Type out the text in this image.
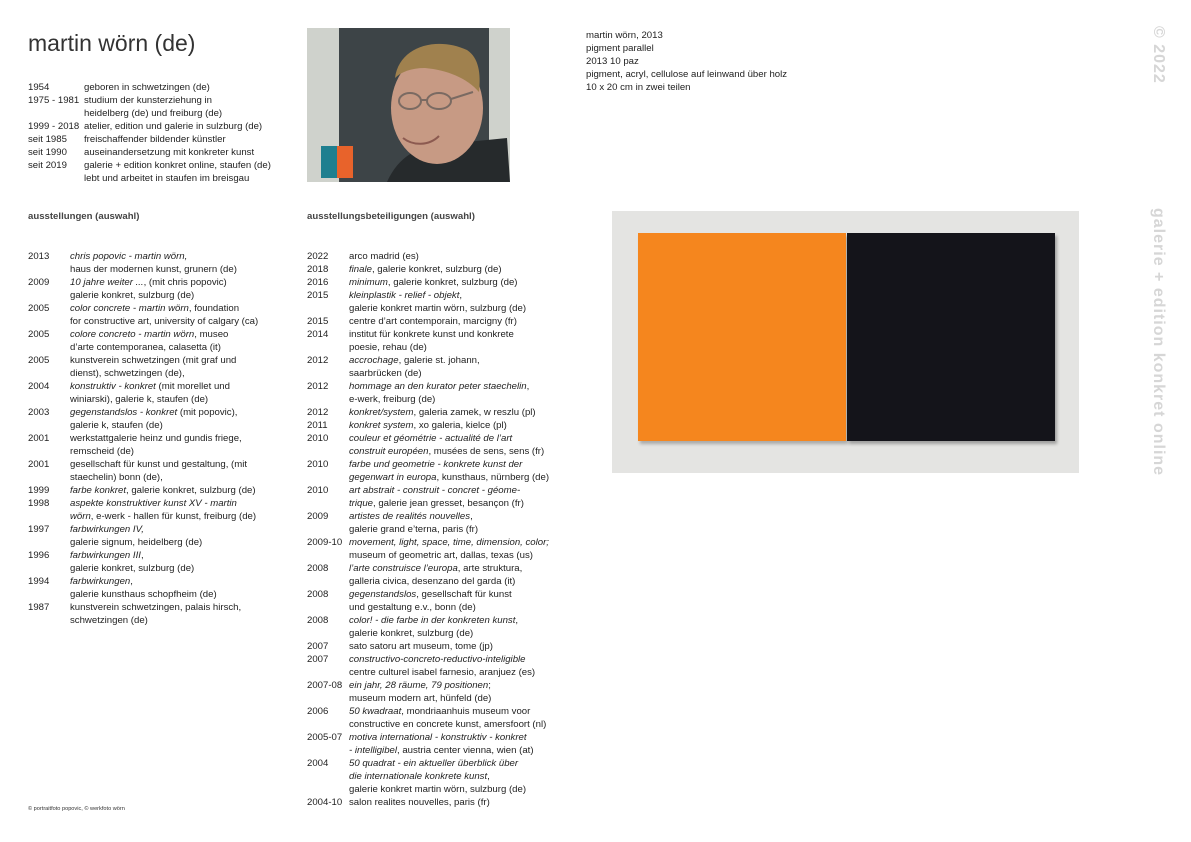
martin wörn (de)
1954	geboren in schwetzingen (de)
1975 - 1981 studium der kunsterziehung in
heidelberg (de) und freiburg (de)
1999 - 2018 atelier, edition und galerie in sulzburg (de)
seit 1985	freischaffender bildender künstler
seit 1990	auseinandersetzung mit konkreter kunst
seit 2019	galerie + edition konkret online, staufen (de)
lebt und arbeitet in staufen im breisgau
martin wörn, 2013
pigment parallel
2013 10 paz
pigment, acryl, cellulose auf leinwand über holz
10 x 20 cm in zwei teilen
ausstellungen (auswahl)	ausstellungsbeteiligungen (auswahl)
2013	chris popovic - martin wörn,
haus der modernen kunst, grunern (de)
2009	10 jahre weiter ..., (mit chris popovic)
galerie konkret, sulzburg (de)
2005	color concrete - martin wörn, foundation
for constructive art, university of calgary (ca)
2005	colore concreto - martin wörn, museo
d’arte contemporanea, calasetta (it)
2005	kunstverein schwetzingen (mit graf und
dienst), schwetzingen (de),
2004	konstruktiv - konkret (mit morellet und
winiarski), galerie k, staufen (de)
2003	gegenstandslos - konkret (mit popovic),
galerie k, staufen (de)
2001	werkstattgalerie heinz und gundis friege,
remscheid (de)
2001	gesellschaft für kunst und gestaltung, (mit
staechelin) bonn (de),
1999	farbe konkret, galerie konkret, sulzburg (de)
1998	aspekte konstruktiver kunst XV - martin
wörn, e-werk - hallen für kunst, freiburg (de)
1997	farbwirkungen IV,
galerie signum, heidelberg (de)
1996	farbwirkungen III,
galerie konkret, sulzburg (de)
1994	farbwirkungen,
galerie kunsthaus schopfheim (de)
1987	kunstverein schwetzingen, palais hirsch,
schwetzingen (de)
2022	arco madrid (es)
2018	finale, galerie konkret, sulzburg (de)
2016	minimum, galerie konkret, sulzburg (de)
2015	kleinplastik - relief - objekt,
galerie konkret martin wörn, sulzburg (de)
2015	centre d’art contemporain, marcigny (fr)
2014	institut für konkrete kunst und konkrete
poesie, rehau (de)
2012	accrochage, galerie st. johann,
saarbrücken (de)
2012	hommage an den kurator peter staechelin,
e-werk, freiburg (de)
2012	konkret/system, galeria zamek, w reszlu (pl)
2011	konkret system, xo galeria, kielce (pl)
2010	couleur et géométrie - actualité de l’art
construit européen, musées de sens, sens (fr)
2010	farbe und geometrie - konkrete kunst der
gegenwart in europa, kunsthaus, nürnberg (de)
2010	art abstrait - construit - concret - géome-
trique, galerie jean gresset, besançon (fr)
2009	artistes de realités nouvelles,
galerie grand e’terna, paris (fr)
2009-10 movement, light, space, time, dimension, color;
museum of geometric art, dallas, texas (us)
2008	l’arte construisce l’europa, arte struktura,
galleria civica, desenzano del garda (it)
2008	gegenstandslos, gesellschaft für kunst
und gestaltung e.v., bonn (de)
2008	color! - die farbe in der konkreten kunst,
galerie konkret, sulzburg (de)
2007	sato satoru art museum, tome (jp)
2007	constructivo-concreto-reductivo-inteligible
centre culturel isabel farnesio, aranjuez (es)
2007-08 ein jahr, 28 räume, 79 positionen;
museum modern art, hünfeld (de)
2006	50 kwadraat, mondriaanhuis museum voor
constructive en concrete kunst, amersfoort (nl)
2005-07 motiva international - konstruktiv - konkret
- intelligibel, austria center vienna, wien (at)
2004	50 quadrat - ein aktueller überblick über
die internationale konkrete kunst,
galerie konkret martin wörn, sulzburg (de)
2004-10 salon realites nouvelles, paris (fr)
© 2022
galerie + edition konkret online
© portraitfoto popovic, © werkfoto wörn
